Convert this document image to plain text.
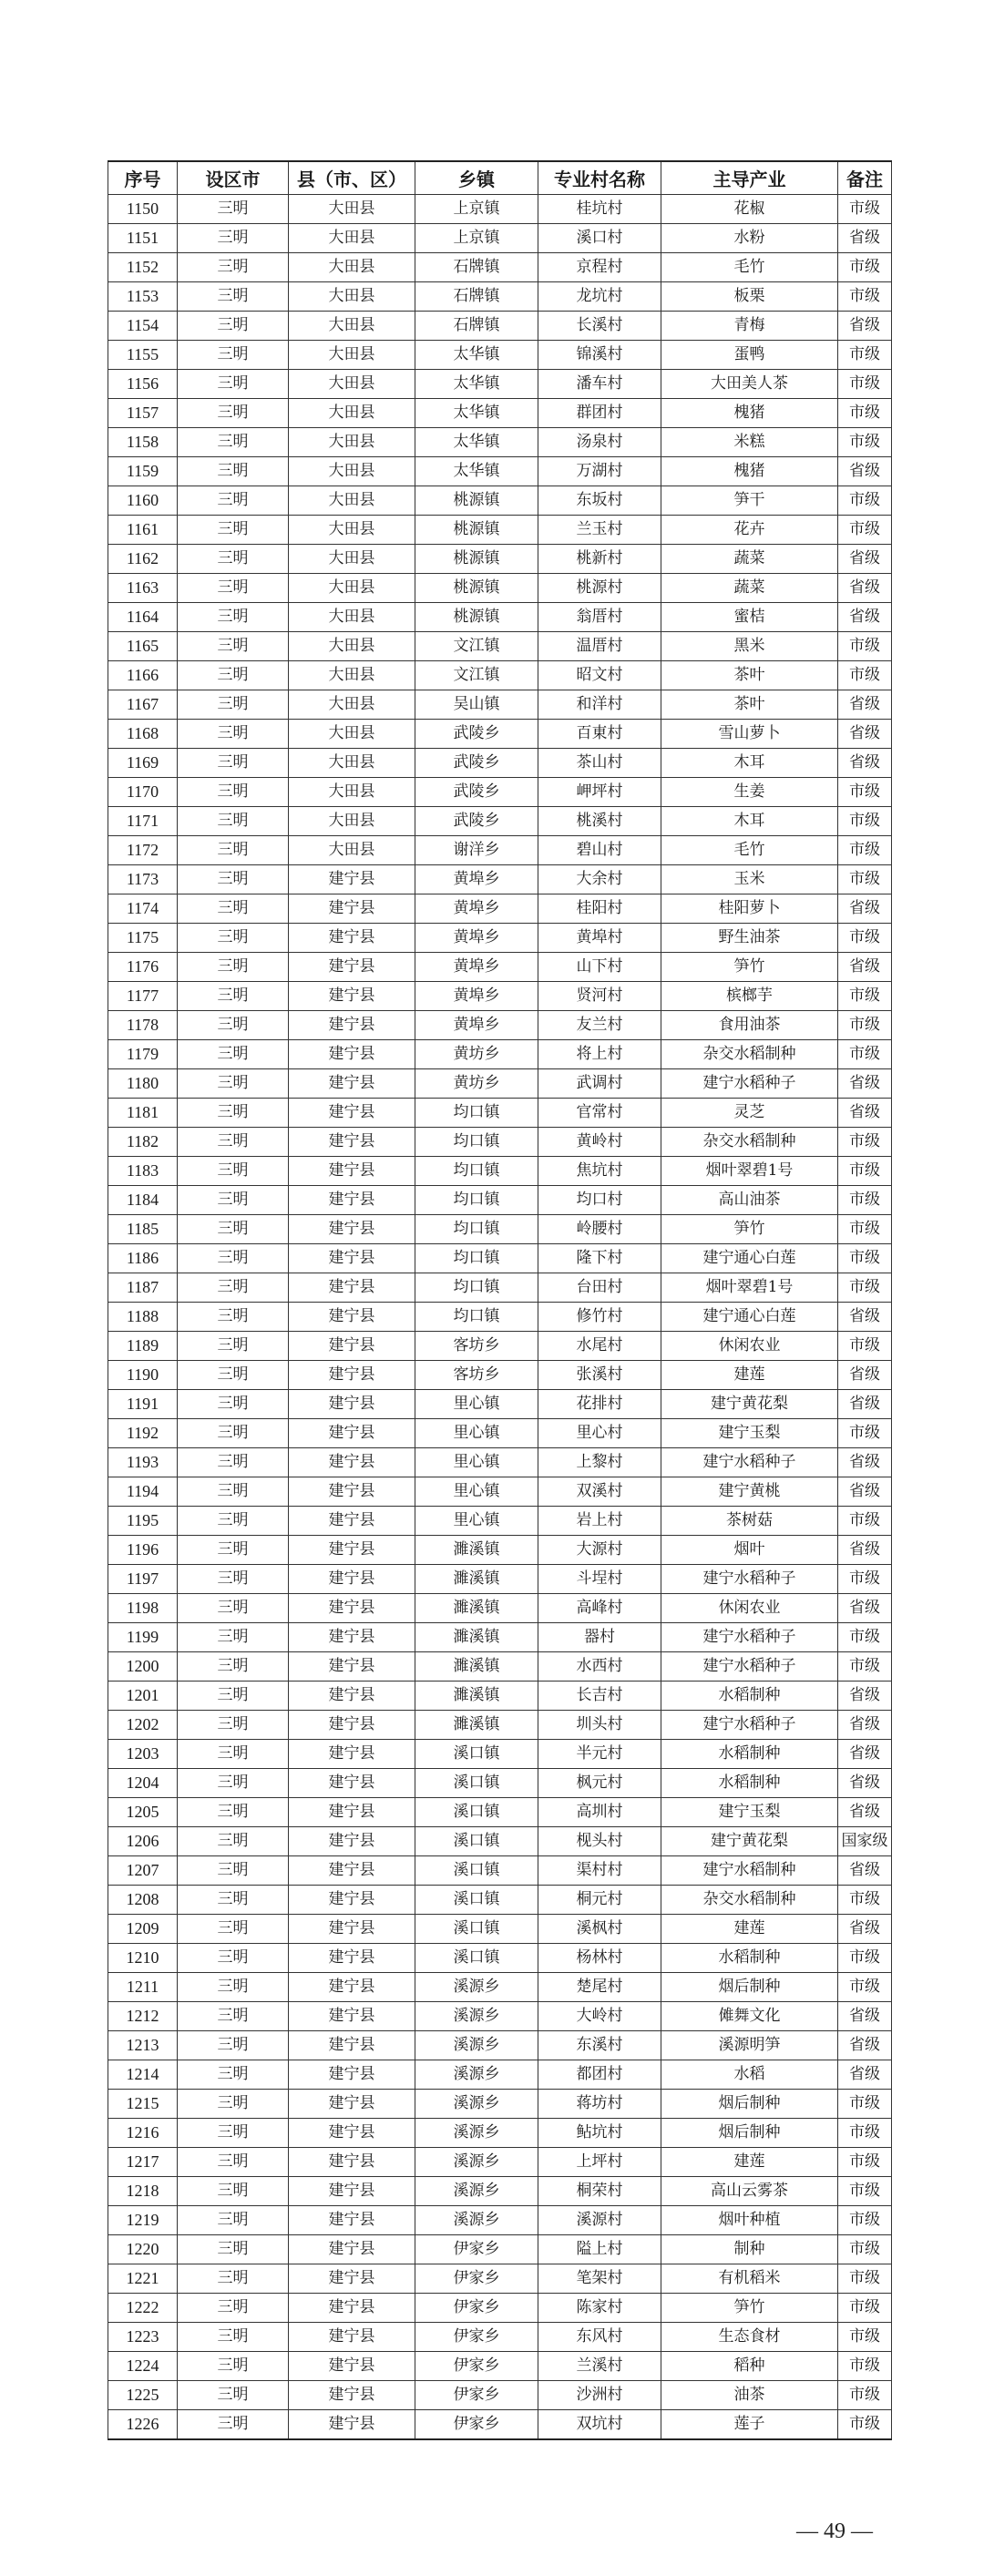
序号	设区市	县（市、区）	乡镇	专业村名称	主导产业	备注
1150	三明	大田县	上京镇	桂坑村	花椒	市级
1151	三明	大田县	上京镇	溪口村	水粉	省级
1152	三明	大田县	石牌镇	京程村	毛竹	市级
1153	三明	大田县	石牌镇	龙坑村	板栗	市级
1154	三明	大田县	石牌镇	长溪村	青梅	省级
1155	三明	大田县	太华镇	锦溪村	蛋鸭	市级
1156	三明	大田县	太华镇	潘车村	大田美人茶	市级
1157	三明	大田县	太华镇	群团村	槐猪	市级
1158	三明	大田县	太华镇	汤泉村	米糕	市级
1159	三明	大田县	太华镇	万湖村	槐猪	省级
1160	三明	大田县	桃源镇	东坂村	笋干	市级
1161	三明	大田县	桃源镇	兰玉村	花卉	市级
1162	三明	大田县	桃源镇	桃新村	蔬菜	省级
1163	三明	大田县	桃源镇	桃源村	蔬菜	省级
1164	三明	大田县	桃源镇	翁厝村	蜜桔	省级
1165	三明	大田县	文江镇	温厝村	黑米	市级
1166	三明	大田县	文江镇	昭文村	茶叶	市级
1167	三明	大田县	吴山镇	和洋村	茶叶	省级
1168	三明	大田县	武陵乡	百東村	雪山萝卜	省级
1169	三明	大田县	武陵乡	茶山村	木耳	省级
1170	三明	大田县	武陵乡	岬坪村	生姜	市级
1171	三明	大田县	武陵乡	桃溪村	木耳	市级
1172	三明	大田县	谢洋乡	碧山村	毛竹	市级
1173	三明	建宁县	黄埠乡	大余村	玉米	市级
1174	三明	建宁县	黄埠乡	桂阳村	桂阳萝卜	省级
1175	三明	建宁县	黄埠乡	黄埠村	野生油茶	市级
1176	三明	建宁县	黄埠乡	山下村	笋竹	省级
1177	三明	建宁县	黄埠乡	贤河村	槟榔芋	市级
1178	三明	建宁县	黄埠乡	友兰村	食用油茶	市级
1179	三明	建宁县	黄坊乡	将上村	杂交水稻制种	市级
1180	三明	建宁县	黄坊乡	武调村	建宁水稻种子	省级
1181	三明	建宁县	均口镇	官常村	灵芝	省级
1182	三明	建宁县	均口镇	黄岭村	杂交水稻制种	市级
1183	三明	建宁县	均口镇	焦坑村	烟叶翠碧1号	市级
1184	三明	建宁县	均口镇	均口村	高山油茶	市级
1185	三明	建宁县	均口镇	岭腰村	笋竹	市级
1186	三明	建宁县	均口镇	隆下村	建宁通心白莲	市级
1187	三明	建宁县	均口镇	台田村	烟叶翠碧1号	市级
1188	三明	建宁县	均口镇	修竹村	建宁通心白莲	省级
1189	三明	建宁县	客坊乡	水尾村	休闲农业	市级
1190	三明	建宁县	客坊乡	张溪村	建莲	省级
1191	三明	建宁县	里心镇	花排村	建宁黄花梨	省级
1192	三明	建宁县	里心镇	里心村	建宁玉梨	市级
1193	三明	建宁县	里心镇	上黎村	建宁水稻种子	省级
1194	三明	建宁县	里心镇	双溪村	建宁黄桃	省级
1195	三明	建宁县	里心镇	岩上村	茶树菇	市级
1196	三明	建宁县	濉溪镇	大源村	烟叶	省级
1197	三明	建宁县	濉溪镇	斗埕村	建宁水稻种子	市级
1198	三明	建宁县	濉溪镇	高峰村	休闲农业	省级
1199	三明	建宁县	濉溪镇	器村	建宁水稻种子	市级
1200	三明	建宁县	濉溪镇	水西村	建宁水稻种子	市级
1201	三明	建宁县	濉溪镇	长吉村	水稻制种	省级
1202	三明	建宁县	濉溪镇	圳头村	建宁水稻种子	省级
1203	三明	建宁县	溪口镇	半元村	水稻制种	省级
1204	三明	建宁县	溪口镇	枫元村	水稻制种	省级
1205	三明	建宁县	溪口镇	高圳村	建宁玉梨	省级
1206	三明	建宁县	溪口镇	枧头村	建宁黄花梨	国家级
1207	三明	建宁县	溪口镇	渠村村	建宁水稻制种	省级
1208	三明	建宁县	溪口镇	桐元村	杂交水稻制种	市级
1209	三明	建宁县	溪口镇	溪枫村	建莲	省级
1210	三明	建宁县	溪口镇	杨林村	水稻制种	市级
1211	三明	建宁县	溪源乡	楚尾村	烟后制种	市级
1212	三明	建宁县	溪源乡	大岭村	傩舞文化	省级
1213	三明	建宁县	溪源乡	东溪村	溪源明笋	省级
1214	三明	建宁县	溪源乡	都团村	水稻	省级
1215	三明	建宁县	溪源乡	蒋坊村	烟后制种	市级
1216	三明	建宁县	溪源乡	鲇坑村	烟后制种	市级
1217	三明	建宁县	溪源乡	上坪村	建莲	市级
1218	三明	建宁县	溪源乡	桐荣村	高山云雾茶	市级
1219	三明	建宁县	溪源乡	溪源村	烟叶种植	市级
1220	三明	建宁县	伊家乡	隘上村	制种	市级
1221	三明	建宁县	伊家乡	笔架村	有机稻米	市级
1222	三明	建宁县	伊家乡	陈家村	笋竹	市级
1223	三明	建宁县	伊家乡	东风村	生态食材	市级
1224	三明	建宁县	伊家乡	兰溪村	稻种	市级
1225	三明	建宁县	伊家乡	沙洲村	油茶	市级
1226	三明	建宁县	伊家乡	双坑村	莲子	市级
— 49 —
